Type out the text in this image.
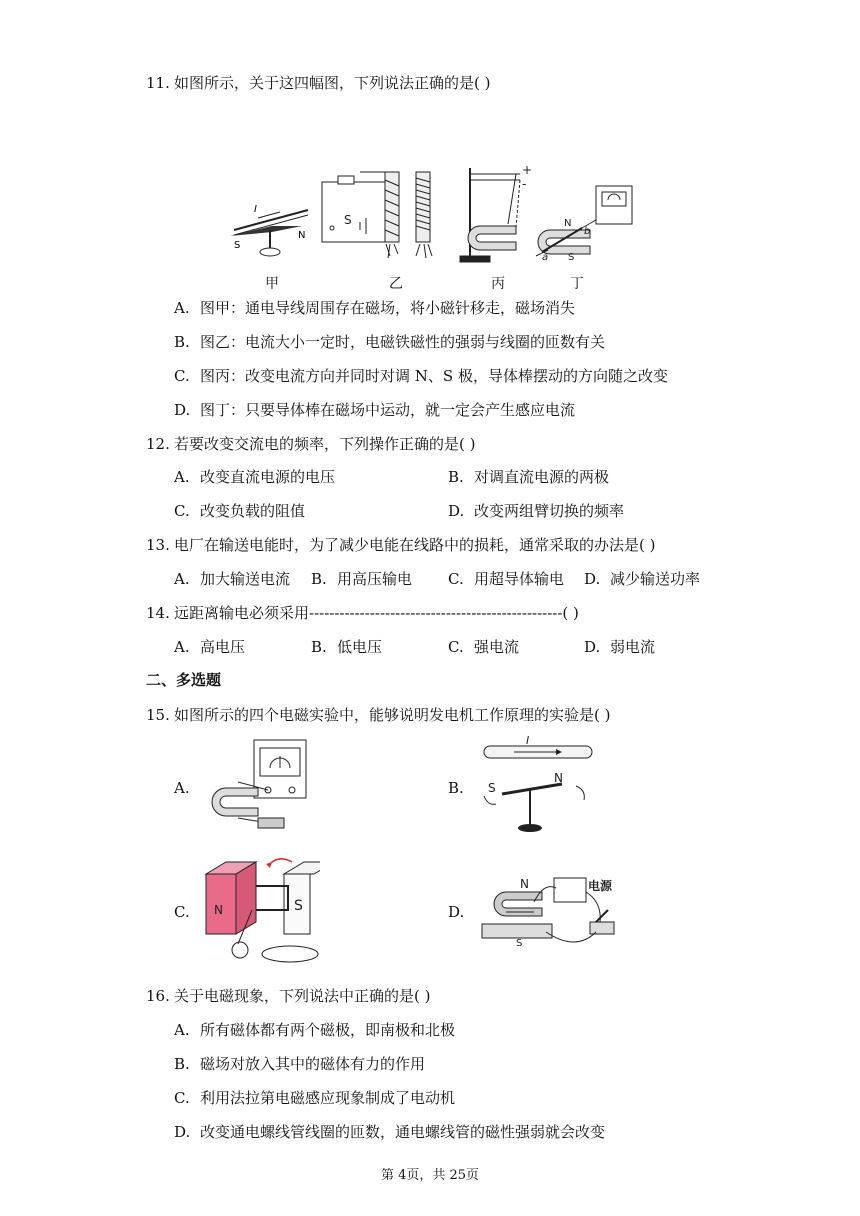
11. 如图所示，关于这四幅图，下列说法正确的是( )
I
S
N
S
+
-
N
S
a
b
甲	乙	丙	丁
A. 图甲：通电导线周围存在磁场，将小磁针移走，磁场消失
B. 图乙：电流大小一定时，电磁铁磁性的强弱与线圈的匝数有关
C. 图丙：改变电流方向并同时对调 N、S 极，导体棒摆动的方向随之改变
D. 图丁：只要导体棒在磁场中运动，就一定会产生感应电流
12. 若要改变交流电的频率，下列操作正确的是( )
A. 改变直流电源的电压	B. 对调直流电源的两极
C. 改变负载的阻值	D. 改变两组臂切换的频率
13. 电厂在输送电能时，为了减少电能在线路中的损耗，通常采取的办法是( )
A. 加大输送电流 B. 用高压输电 C. 用超导体输电 D. 减少输送功率
14. 远距离输电必须采用--------------------------------------------------( )
A. 高电压	B. 低电压	C. 强电流	D. 弱电流
二、多选题
15. 如图所示的四个电磁实验中，能够说明发电机工作原理的实验是( )
A.	B.
I
S
N
C. N	S	D.
N
S
电源
16. 关于电磁现象，下列说法中正确的是( )
A. 所有磁体都有两个磁极，即南极和北极
B. 磁场对放入其中的磁体有力的作用
C. 利用法拉第电磁感应现象制成了电动机
D. 改变通电螺线管线圈的匝数，通电螺线管的磁性强弱就会改变
第 4页，共 25页
